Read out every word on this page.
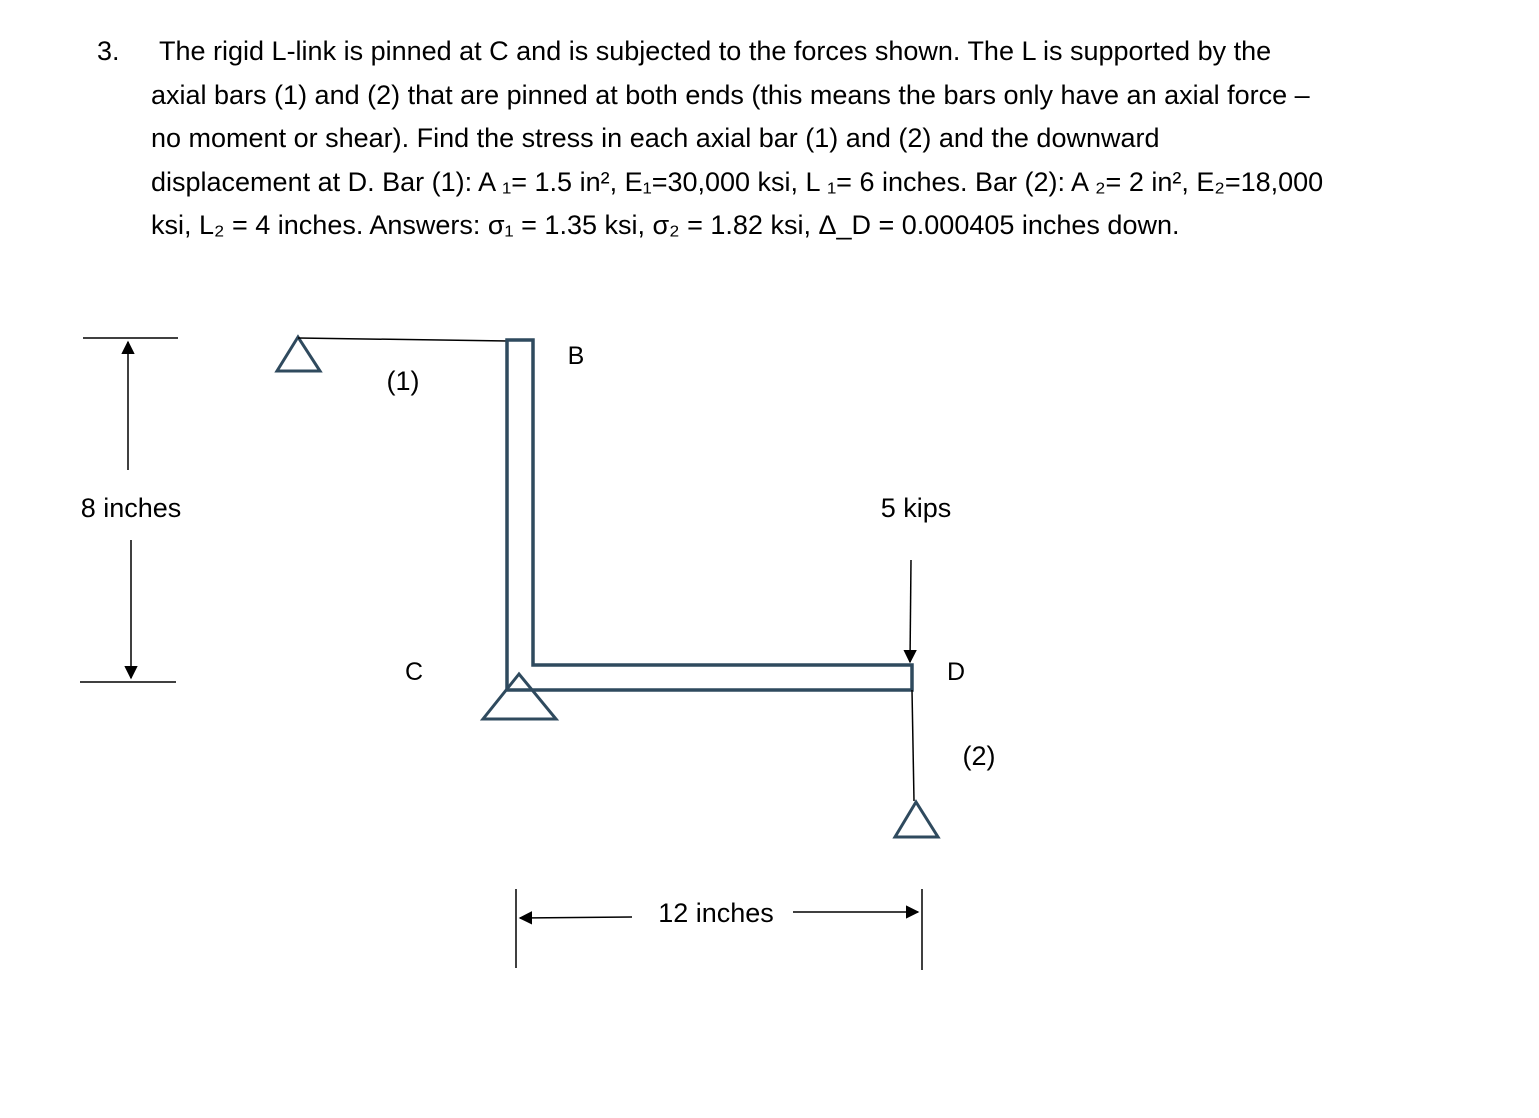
3. The rigid L-link is pinned at C and is subjected to the forces shown. The L is supported by the
axial bars (1) and (2) that are pinned at both ends (this means the bars only have an axial force –
no moment or shear). Find the stress in each axial bar (1) and (2) and the downward
displacement at D. Bar (1): A ₁= 1.5 in², E₁=30,000 ksi, L ₁= 6 inches. Bar (2): A ₂= 2 in², E₂=18,000
ksi, L₂ = 4 inches. Answers: σ₁ = 1.35 ksi, σ₂ = 1.82 ksi, Δ_D = 0.000405 inches down.
8 inches
(1)
B
C
5 kips
D
(2)
12 inches
